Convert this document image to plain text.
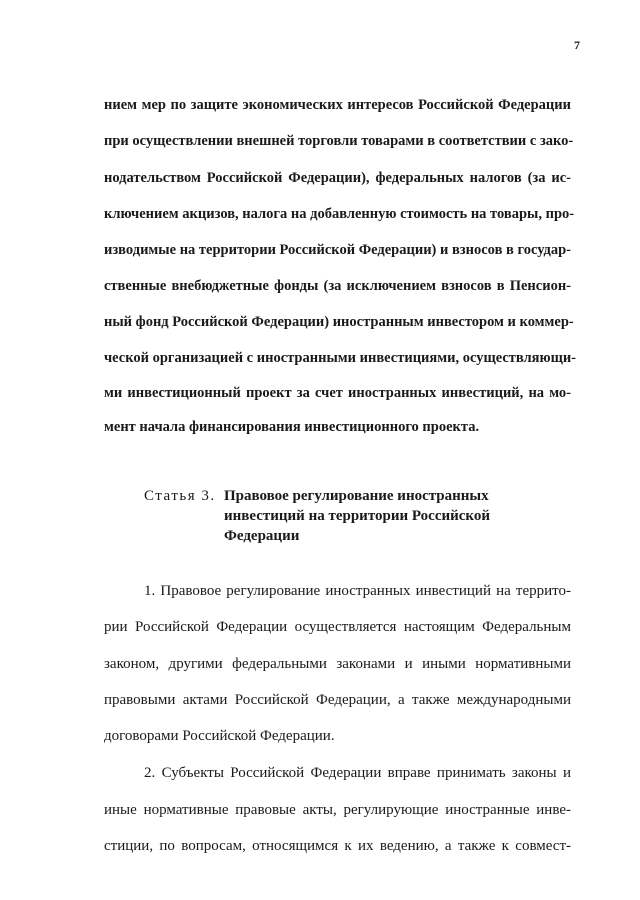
7
нием мер по защите экономических интересов Российской Федерации
при осуществлении внешней торговли товарами в соответствии с зако-
нодательством Российской Федерации), федеральных налогов (за ис-
ключением акцизов, налога на добавленную стоимость на товары, про-
изводимые на территории Российской Федерации) и взносов в государ-
ственные внебюджетные фонды (за исключением взносов в Пенсион-
ный фонд Российской Федерации) иностранным инвестором и коммер-
ческой организацией с иностранными инвестициями, осуществляющи-
ми инвестиционный проект за счет иностранных инвестиций, на мо-
мент начала финансирования инвестиционного проекта.
Статья 3. Правовое регулирование иностранных
инвестиций на территории Российской
Федерации
1. Правовое регулирование иностранных инвестиций на террито-
рии Российской Федерации осуществляется настоящим Федеральным
законом, другими федеральными законами и иными нормативными
правовыми актами Российской Федерации, а также международными
договорами Российской Федерации.
2. Субъекты Российской Федерации вправе принимать законы и
иные нормативные правовые акты, регулирующие иностранные инве-
стиции, по вопросам, относящимся к их ведению, а также к совмест-
